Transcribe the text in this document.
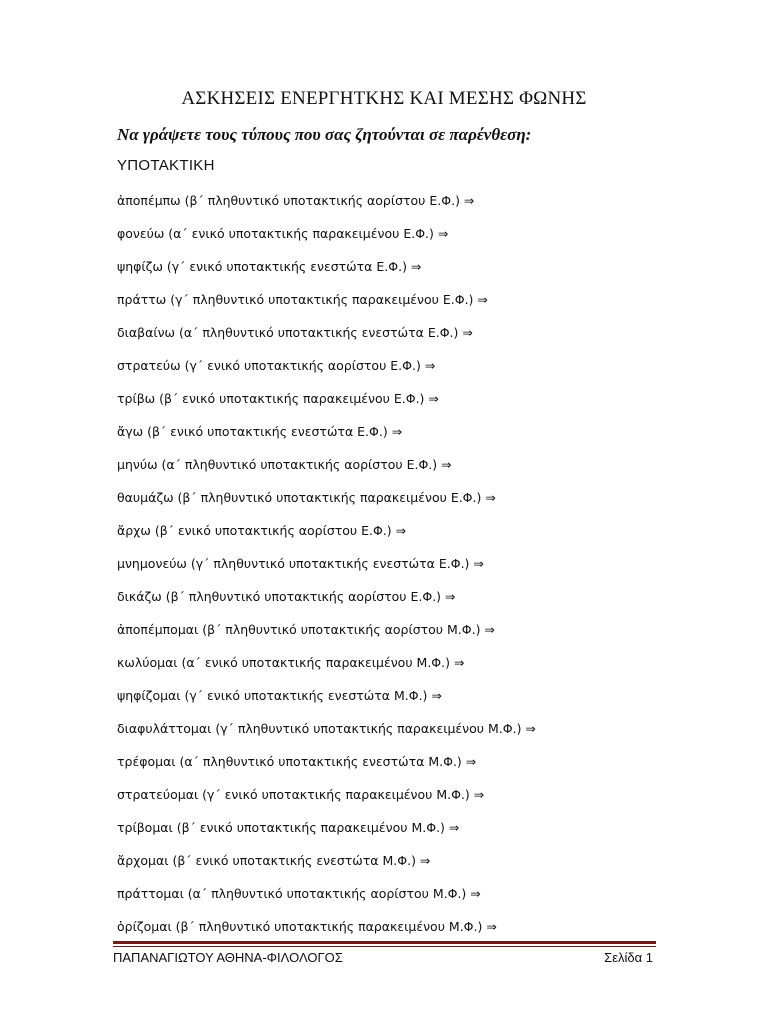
ΑΣΚΗΣΕΙΣ ΕΝΕΡΓΗΤΚΗΣ ΚΑΙ ΜΕΣΗΣ ΦΩΝΗΣ
Να γράψετε τους τύπους που σας ζητούνται σε παρένθεση:
ΥΠΟΤΑΚΤΙΚΗ
ἀποπέμπω (β΄ πληθυντικό υποτακτικής αορίστου Ε.Φ.) ⇒
φονεύω (α΄ ενικό υποτακτικής παρακειμένου Ε.Φ.) ⇒
ψηφίζω (γ΄ ενικό υποτακτικής ενεστώτα Ε.Φ.) ⇒
πράττω (γ΄ πληθυντικό υποτακτικής παρακειμένου Ε.Φ.) ⇒
διαβαίνω (α΄ πληθυντικό υποτακτικής ενεστώτα Ε.Φ.) ⇒
στρατεύω (γ΄ ενικό υποτακτικής αορίστου Ε.Φ.) ⇒
τρίβω (β΄ ενικό υποτακτικής παρακειμένου Ε.Φ.) ⇒
ἄγω (β΄ ενικό υποτακτικής ενεστώτα Ε.Φ.) ⇒
μηνύω (α΄ πληθυντικό υποτακτικής αορίστου Ε.Φ.) ⇒
θαυμάζω (β΄ πληθυντικό υποτακτικής παρακειμένου Ε.Φ.) ⇒
ἄρχω (β΄ ενικό υποτακτικής αορίστου Ε.Φ.) ⇒
μνημονεύω (γ΄ πληθυντικό υποτακτικής ενεστώτα Ε.Φ.) ⇒
δικάζω (β΄ πληθυντικό υποτακτικής αορίστου Ε.Φ.) ⇒
ἀποπέμπομαι (β΄ πληθυντικό υποτακτικής αορίστου Μ.Φ.) ⇒
κωλύομαι (α΄ ενικό υποτακτικής παρακειμένου Μ.Φ.) ⇒
ψηφίζομαι (γ΄ ενικό υποτακτικής ενεστώτα Μ.Φ.) ⇒
διαφυλάττομαι (γ΄ πληθυντικό υποτακτικής παρακειμένου Μ.Φ.) ⇒
τρέφομαι (α΄ πληθυντικό υποτακτικής ενεστώτα Μ.Φ.) ⇒
στρατεύομαι (γ΄ ενικό υποτακτικής παρακειμένου Μ.Φ.) ⇒
τρίβομαι (β΄ ενικό υποτακτικής παρακειμένου Μ.Φ.) ⇒
ἄρχομαι (β΄ ενικό υποτακτικής ενεστώτα Μ.Φ.) ⇒
πράττομαι (α΄ πληθυντικό υποτακτικής αορίστου Μ.Φ.) ⇒
ὁρίζομαι (β΄ πληθυντικό υποτακτικής παρακειμένου Μ.Φ.) ⇒
ΠΑΠΑΝΑΓΙΩΤΟΥ ΑΘΗΝΑ-ΦΙΛΟΛΟΓΟΣ	Σελίδα 1
